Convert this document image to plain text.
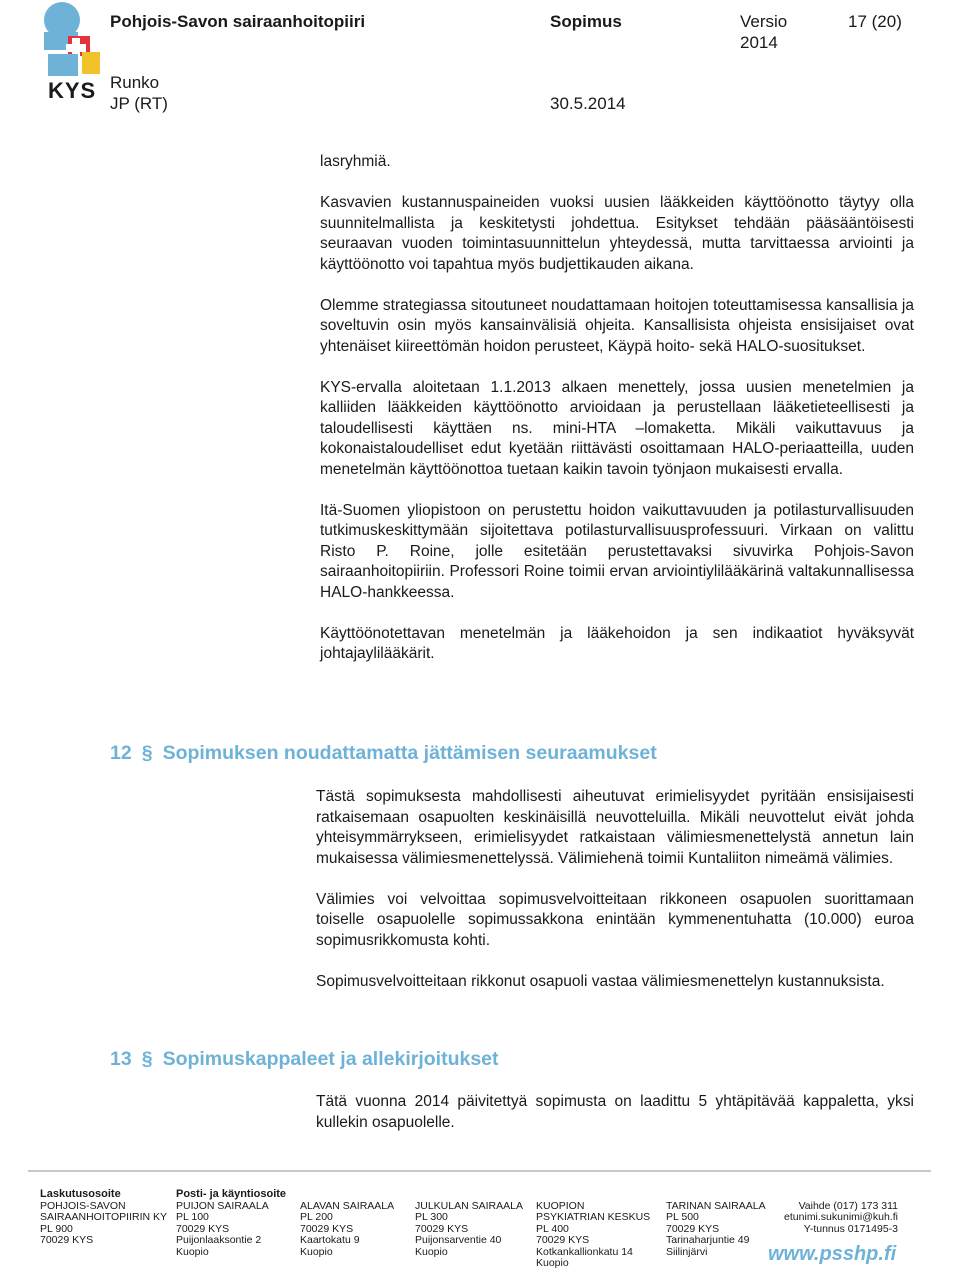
KYS
Pohjois-Savon sairaanhoitopiiri	Sopimus	Versio
2014
17 (20)
Runko
JP (RT)	30.5.2014

lasryhmiä.

Kasvavien kustannuspaineiden vuoksi uusien lääkkeiden käyttöönotto täytyy olla suunnitelmallista ja keskitetysti johdettua. Esitykset tehdään pääsääntöisesti seuraavan vuoden toimintasuunnittelun yhteydessä, mutta tarvittaessa arviointi ja käyttöönotto voi tapahtua myös budjettikauden aikana.

Olemme strategiassa sitoutuneet noudattamaan hoitojen toteuttamisessa kansallisia ja soveltuvin osin myös kansainvälisiä ohjeita. Kansallisista ohjeista ensisijaiset ovat yhtenäiset kiireettömän hoidon perusteet, Käypä hoito- sekä HALO-suositukset.

KYS-ervalla aloitetaan 1.1.2013 alkaen menettely, jossa uusien menetelmien ja kalliiden lääkkeiden käyttöönotto arvioidaan ja perustellaan lääketieteellisesti ja taloudellisesti käyttäen ns. mini-HTA –lomaketta. Mikäli vaikuttavuus ja kokonaistaloudelliset edut kyetään riittävästi osoittamaan HALO-periaatteilla, uuden menetelmän käyttöönottoa tuetaan kaikin tavoin työnjaon mukaisesti ervalla.

Itä-Suomen yliopistoon on perustettu hoidon vaikuttavuuden ja potilasturvallisuuden tutkimuskeskittymään sijoitettava potilasturvallisuusprofessuuri. Virkaan on valittu Risto P. Roine, jolle esitetään perustettavaksi sivuvirka Pohjois-Savon sairaanhoitopiiriin. Professori Roine toimii ervan arviointiylilääkärinä valtakunnallisessa HALO-hankkeessa.

Käyttöönotettavan menetelmän ja lääkehoidon ja sen indikaatiot hyväksyvät johtajaylilääkärit.

12 § Sopimuksen noudattamatta jättämisen seuraamukset

Tästä sopimuksesta mahdollisesti aiheutuvat erimielisyydet pyritään ensisijaisesti ratkaisemaan osapuolten keskinäisillä neuvotteluilla. Mikäli neuvottelut eivät johda yhteisymmärrykseen, erimielisyydet ratkaistaan välimiesmenettelystä annetun lain mukaisessa välimiesmenettelyssä. Välimiehenä toimii Kuntaliiton nimeämä välimies.

Välimies voi velvoittaa sopimusvelvoitteitaan rikkoneen osapuolen suorittamaan toiselle osapuolelle sopimussakkona enintään kymmenentuhatta (10.000) euroa sopimusrikkomusta kohti.

Sopimusvelvoitteitaan rikkonut osapuoli vastaa välimiesmenettelyn kustannuksista.

13 § Sopimuskappaleet ja allekirjoitukset

Tätä vuonna 2014 päivitettyä sopimusta on laadittu 5 yhtäpitävää kappaletta, yksi kullekin osapuolelle.

Laskutusosoite
POHJOIS-SAVON
SAIRAANHOITOPIIRIN KY
PL 900
70029 KYS
Posti- ja käyntiosoite
PUIJON SAIRAALA
PL 100
70029 KYS
Puijonlaaksontie 2
Kuopio

ALAVAN SAIRAALA
PL 200
70029 KYS
Kaartokatu 9
Kuopio

JULKULAN SAIRAALA
PL 300
70029 KYS
Puijonsarventie 40
Kuopio

KUOPION
PSYKIATRIAN KESKUS
PL 400
70029 KYS
Kotkankallionkatu 14
Kuopio

TARINAN SAIRAALA
PL 500
70029 KYS
Tarinaharjuntie 49
Siilinjärvi

Vaihde (017) 173 311
etunimi.sukunimi@kuh.fi
Y-tunnus 0171495-3
www.psshp.fi
